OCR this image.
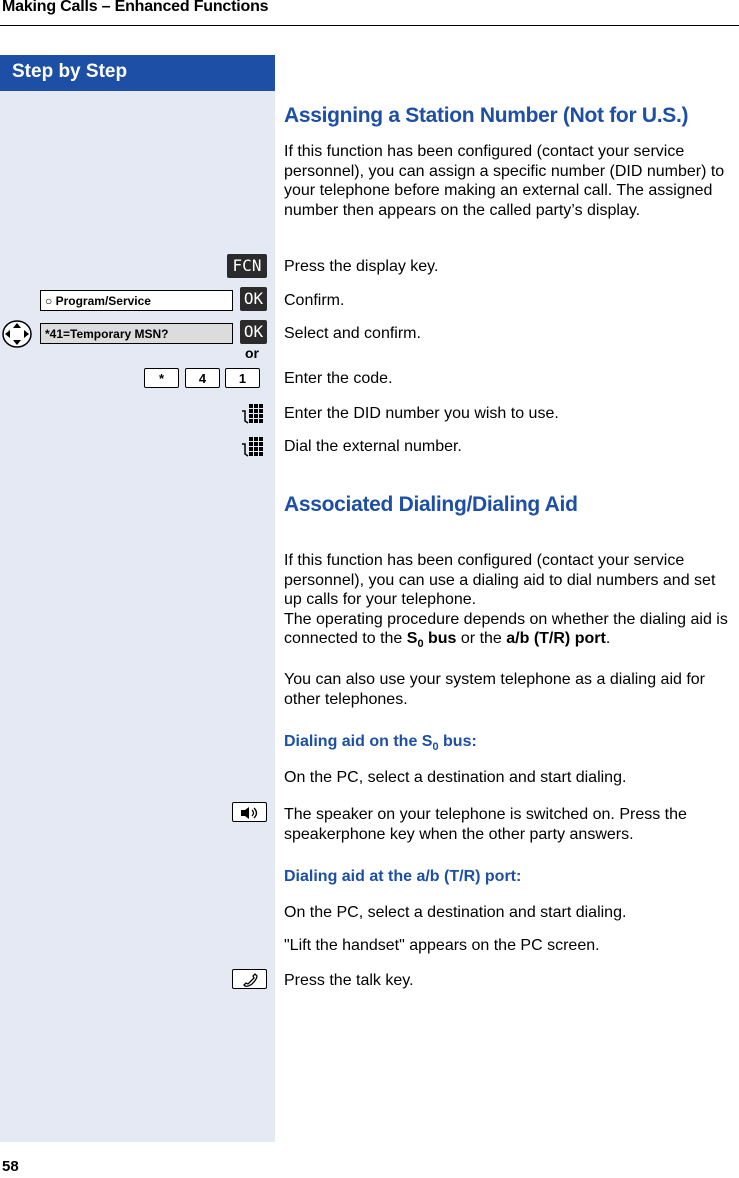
Making Calls – Enhanced Functions
Step by Step
Assigning a Station Number (Not for U.S.)
If this function has been configured (contact your service personnel), you can assign a specific number (DID number) to your telephone before making an external call. The assigned number then appears on the called party’s display.
FCN	Press the display key.
○ Program/Service	OK Confirm.
*41=Temporary MSN?	OK Select and confirm.
or
*	4	1	Enter the code.
Enter the DID number you wish to use.
Dial the external number.
Associated Dialing/Dialing Aid

If this function has been configured (contact your service personnel), you can use a dialing aid to dial numbers and set up calls for your telephone.

The operating procedure depends on whether the dialing aid is connected to the $S_0$ bus or the a/b (T/R) port.

You can also use your system telephone as a dialing aid for other telephones.
Dialing aid on the $S_0$ bus:
On the PC, select a destination and start dialing.
The speaker on your telephone is switched on. Press the speakerphone key when the other party answers.
Dialing aid at the a/b (T/R) port:
On the PC, select a destination and start dialing.
"Lift the handset" appears on the PC screen.
Press the talk key.
58
